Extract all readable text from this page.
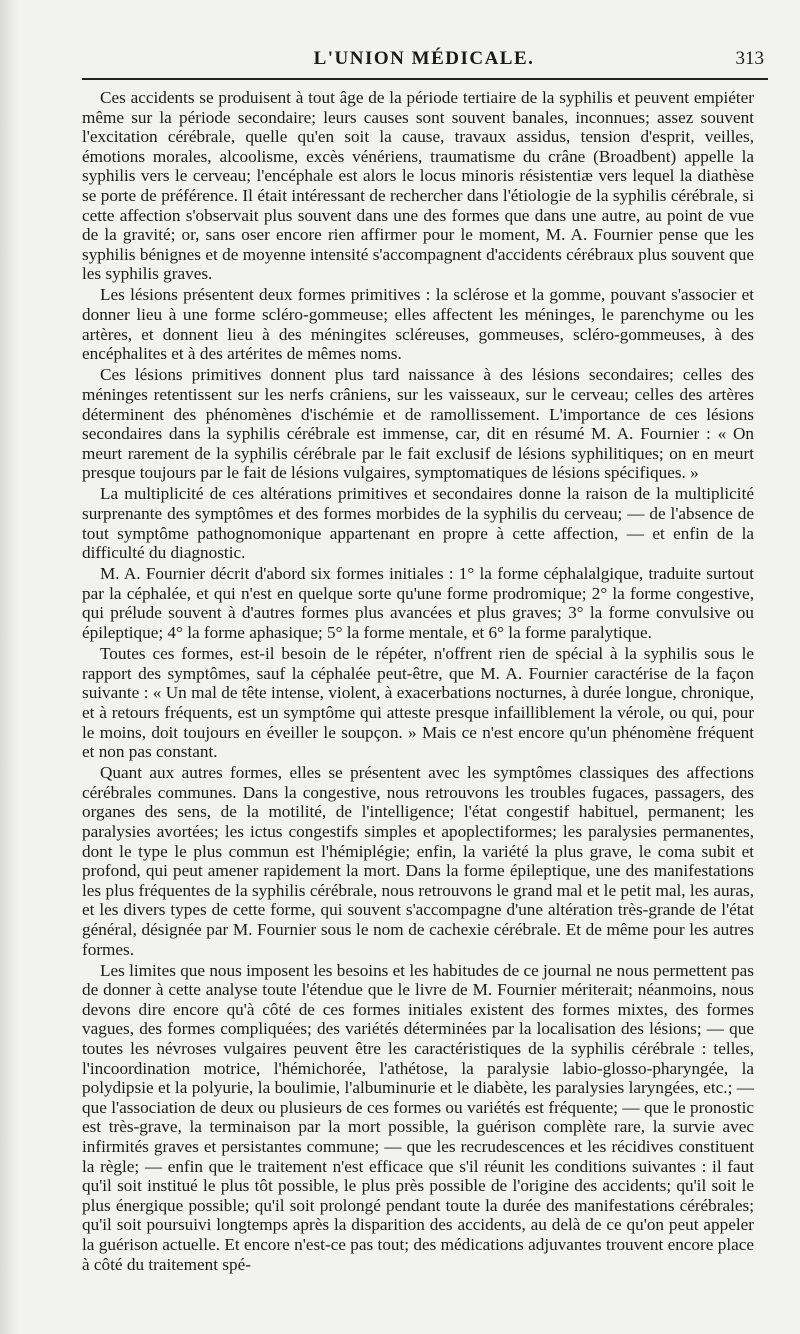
L'UNION MÉDICALE.	313

Ces accidents se produisent à tout âge de la période tertiaire de la syphilis et peuvent empiéter même sur la période secondaire; leurs causes sont souvent banales, inconnues; assez souvent l'excitation cérébrale, quelle qu'en soit la cause, travaux assidus, tension d'esprit, veilles, émotions morales, alcoolisme, excès vénériens, traumatisme du crâne (Broadbent) appelle la syphilis vers le cerveau; l'encéphale est alors le locus minoris résistentiæ vers lequel la diathèse se porte de préférence. Il était intéressant de rechercher dans l'étiologie de la syphilis cérébrale, si cette affection s'observait plus souvent dans une des formes que dans une autre, au point de vue de la gravité; or, sans oser encore rien affirmer pour le moment, M. A. Fournier pense que les syphilis bénignes et de moyenne intensité s'accompagnent d'accidents cérébraux plus souvent que les syphilis graves.

Les lésions présentent deux formes primitives : la sclérose et la gomme, pouvant s'associer et donner lieu à une forme scléro-gommeuse; elles affectent les méninges, le parenchyme ou les artères, et donnent lieu à des méningites scléreuses, gommeuses, scléro-gommeuses, à des encéphalites et à des artérites de mêmes noms.

Ces lésions primitives donnent plus tard naissance à des lésions secondaires; celles des méninges retentissent sur les nerfs crâniens, sur les vaisseaux, sur le cerveau; celles des artères déterminent des phénomènes d'ischémie et de ramollissement. L'importance de ces lésions secondaires dans la syphilis cérébrale est immense, car, dit en résumé M. A. Fournier : « On meurt rarement de la syphilis cérébrale par le fait exclusif de lésions syphilitiques; on en meurt presque toujours par le fait de lésions vulgaires, symptomatiques de lésions spécifiques. »

La multiplicité de ces altérations primitives et secondaires donne la raison de la multiplicité surprenante des symptômes et des formes morbides de la syphilis du cerveau; — de l'absence de tout symptôme pathognomonique appartenant en propre à cette affection, — et enfin de la difficulté du diagnostic.

M. A. Fournier décrit d'abord six formes initiales : 1° la forme céphalalgique, traduite surtout par la céphalée, et qui n'est en quelque sorte qu'une forme prodromique; 2° la forme congestive, qui prélude souvent à d'autres formes plus avancées et plus graves; 3° la forme convulsive ou épileptique; 4° la forme aphasique; 5° la forme mentale, et 6° la forme paralytique.

Toutes ces formes, est-il besoin de le répéter, n'offrent rien de spécial à la syphilis sous le rapport des symptômes, sauf la céphalée peut-être, que M. A. Fournier caractérise de la façon suivante : « Un mal de tête intense, violent, à exacerbations nocturnes, à durée longue, chronique, et à retours fréquents, est un symptôme qui atteste presque infailliblement la vérole, ou qui, pour le moins, doit toujours en éveiller le soupçon. » Mais ce n'est encore qu'un phénomène fréquent et non pas constant.

Quant aux autres formes, elles se présentent avec les symptômes classiques des affections cérébrales communes. Dans la congestive, nous retrouvons les troubles fugaces, passagers, des organes des sens, de la motilité, de l'intelligence; l'état congestif habituel, permanent; les paralysies avortées; les ictus congestifs simples et apoplectiformes; les paralysies permanentes, dont le type le plus commun est l'hémiplégie; enfin, la variété la plus grave, le coma subit et profond, qui peut amener rapidement la mort. Dans la forme épileptique, une des manifestations les plus fréquentes de la syphilis cérébrale, nous retrouvons le grand mal et le petit mal, les auras, et les divers types de cette forme, qui souvent s'accompagne d'une altération très-grande de l'état général, désignée par M. Fournier sous le nom de cachexie cérébrale. Et de même pour les autres formes.

Les limites que nous imposent les besoins et les habitudes de ce journal ne nous permettent pas de donner à cette analyse toute l'étendue que le livre de M. Fournier mériterait; néanmoins, nous devons dire encore qu'à côté de ces formes initiales existent des formes mixtes, des formes vagues, des formes compliquées; des variétés déterminées par la localisation des lésions; — que toutes les névroses vulgaires peuvent être les caractéristiques de la syphilis cérébrale : telles, l'incoordination motrice, l'hémichorée, l'athétose, la paralysie labio-glosso-pharyngée, la polydipsie et la polyurie, la boulimie, l'albuminurie et le diabète, les paralysies laryngées, etc.; — que l'association de deux ou plusieurs de ces formes ou variétés est fréquente; — que le pronostic est très-grave, la terminaison par la mort possible, la guérison complète rare, la survie avec infirmités graves et persistantes commune; — que les recrudescences et les récidives constituent la règle; — enfin que le traitement n'est efficace que s'il réunit les conditions suivantes : il faut qu'il soit institué le plus tôt possible, le plus près possible de l'origine des accidents; qu'il soit le plus énergique possible; qu'il soit prolongé pendant toute la durée des manifestations cérébrales; qu'il soit poursuivi longtemps après la disparition des accidents, au delà de ce qu'on peut appeler la guérison actuelle. Et encore n'est-ce pas tout; des médications adjuvantes trouvent encore place à côté du traitement spé-
